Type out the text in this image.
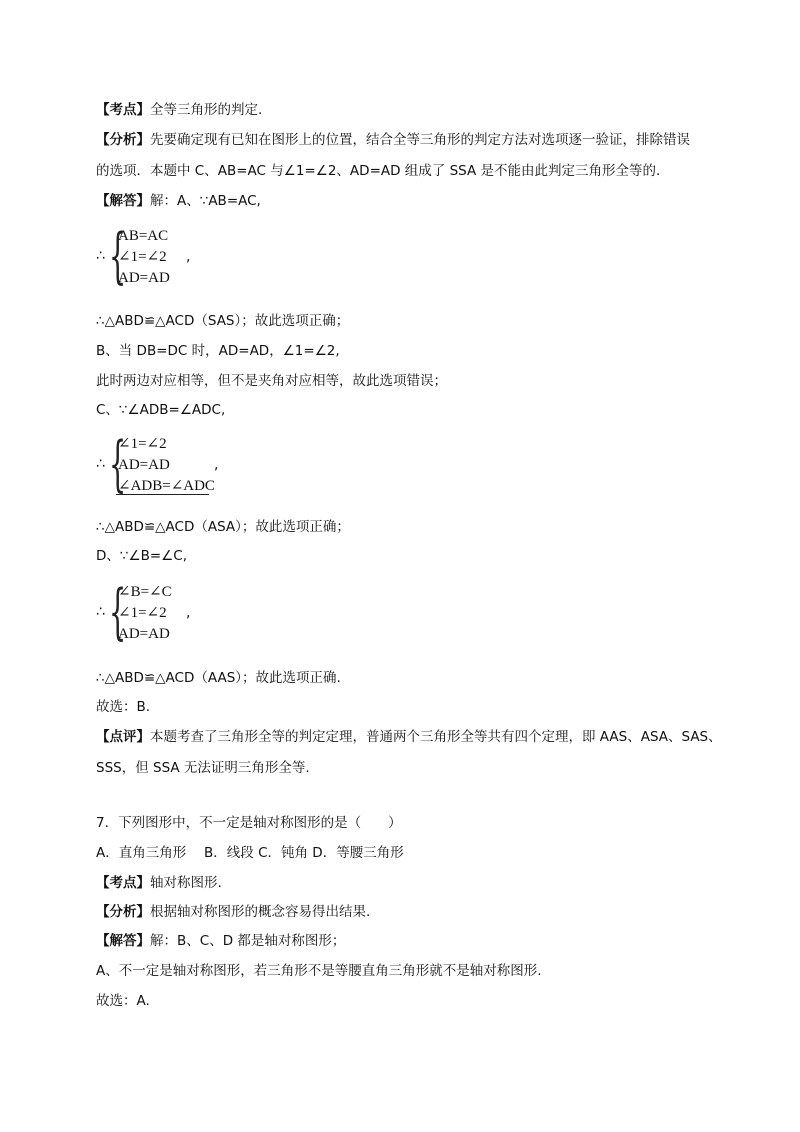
【考点】全等三角形的判定.
【分析】先要确定现有已知在图形上的位置，结合全等三角形的判定方法对选项逐一验证，排除错误
的选项．本题中 C、AB=AC 与∠1=∠2、AD=AD 组成了 SSA 是不能由此判定三角形全等的.
【解答】解：A、∵AB=AC,
∴ {
AB=AC
∠1=∠2 ,
AD=AD
∴△ABD≌△ACD（SAS）；故此选项正确；
B、当 DB=DC 时，AD=AD，∠1=∠2,
此时两边对应相等，但不是夹角对应相等，故此选项错误；
C、∵∠ADB=∠ADC,
∴ {
∠1=∠2
AD=AD	,
∠ADB=∠ADC
∴△ABD≌△ACD（ASA）；故此选项正确；
D、∵∠B=∠C,
∴ {
∠B=∠C
∠1=∠2 ,
AD=AD
∴△ABD≌△ACD（AAS）；故此选项正确.
故选：B.
【点评】本题考查了三角形全等的判定定理，普通两个三角形全等共有四个定理，即 AAS、ASA、SAS、
SSS，但 SSA 无法证明三角形全等.
7．下列图形中，不一定是轴对称图形的是（　　）
A．直角三角形　 B．线段 C．钝角 D．等腰三角形
【考点】轴对称图形.
【分析】根据轴对称图形的概念容易得出结果.
【解答】解：B、C、D 都是轴对称图形；
A、不一定是轴对称图形，若三角形不是等腰直角三角形就不是轴对称图形.
故选：A.
